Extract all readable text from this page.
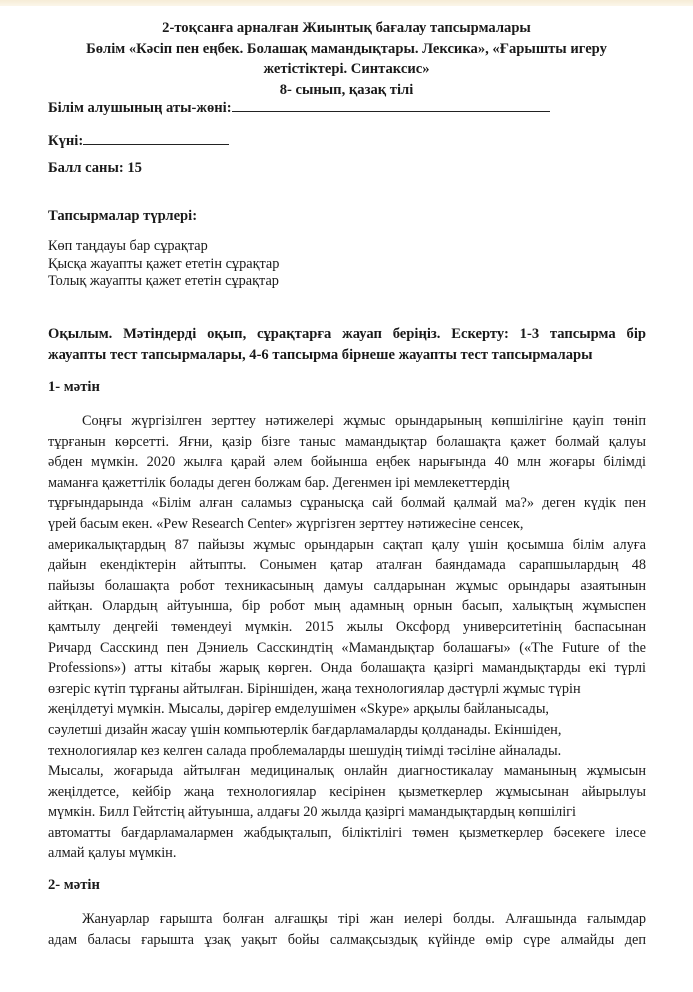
2-тоқсанға арналған Жиынтық бағалау тапсырмалары
Бөлім «Кәсіп пен еңбек. Болашақ мамандықтары. Лексика», «Ғарышты игеру
жетістіктері. Синтаксис»
8- сынып, қазақ тілі
Білім алушының аты-жөні:
Күні:
Балл саны: 15
Тапсырмалар түрлері:
Көп таңдауы бар сұрақтар
Қысқа жауапты қажет ететін сұрақтар
Толық жауапты қажет ететін сұрақтар
Оқылым. Мәтіндерді оқып, сұрақтарға жауап беріңіз. Ескерту: 1-3 тапсырма бір
жауапты тест тапсырмалары, 4-6 тапсырма бірнеше жауапты тест тапсырмалары
1- мәтін
Соңғы жүргізілген зерттеу нәтижелері жұмыс орындарының көпшілігіне қауіп төніп
тұрғанын көрсетті. Яғни, қазір бізге таныс мамандықтар болашақта қажет болмай қалуы
әбден мүмкін. 2020 жылға қарай әлем бойынша еңбек нарығында 40 млн жоғары білімді
маманға қажеттілік болады деген болжам бар. Дегенмен ірі мемлекеттердің
тұрғындарында «Білім алған саламыз сұранысқа сай болмай қалмай ма?» деген күдік пен
үрей басым екен. «Pew Research Center» жүргізген зерттеу нәтижесіне сенсек,
америкалықтардың 87 пайызы жұмыс орындарын сақтап қалу үшін қосымша білім алуға
дайын екендіктерін айтыпты. Сонымен қатар аталған баяндамада сарапшылардың 48
пайызы болашақта робот техникасының дамуы салдарынан жұмыс орындары азаятынын
айтқан. Олардың айтуынша, бір робот мың адамның орнын басып, халықтың жұмыспен
қамтылу деңгейі төмендеуі мүмкін. 2015 жылы Оксфорд университетінің баспасынан
Ричард Сасскинд пен Дэниель Сасскиндтің «Мамандықтар болашағы» («The Future of the
Professions») атты кітабы жарық көрген. Онда болашақта қазіргі мамандықтарды екі түрлі
өзгеріс күтіп тұрғаны айтылған. Біріншіден, жаңа технологиялар дәстүрлі жұмыс түрін
жеңілдетуі мүмкін. Мысалы, дәрігер емделушімен «Skype» арқылы байланысады,
сәулетші дизайн жасау үшін компьютерлік бағдарламаларды қолданады. Екіншіден,
технологиялар кез келген салада проблемаларды шешудің тиімді тәсіліне айналады.
Мысалы, жоғарыда айтылған медициналық онлайн диагностикалау маманының жұмысын
жеңілдетсе, кейбір жаңа технологиялар кесірінен қызметкерлер жұмысынан айырылуы
мүмкін. Билл Гейтстің айтуынша, алдағы 20 жылда қазіргі мамандықтардың көпшілігі
автоматты бағдарламалармен жабдықталып, біліктілігі төмен қызметкерлер бәсекеге ілесе
алмай қалуы мүмкін.
2- мәтін
Жануарлар ғарышта болған алғашқы тірі жан иелері болды. Алғашында ғалымдар
адам баласы ғарышта ұзақ уақыт бойы салмақсыздық күйінде өмір сүре алмайды деп
